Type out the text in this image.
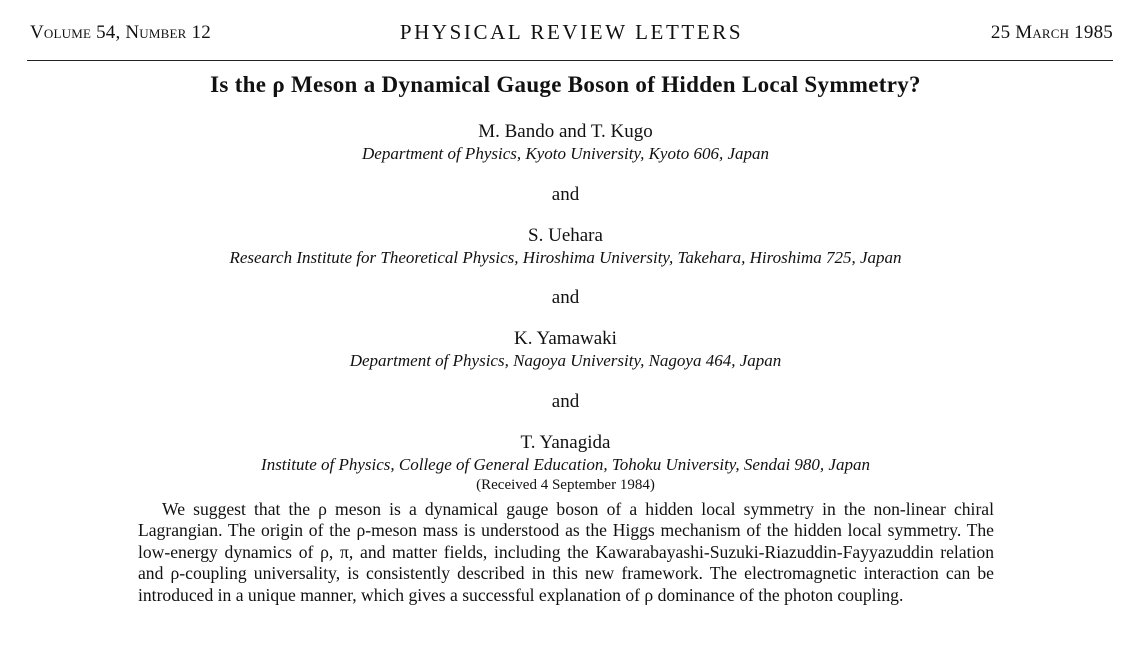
Volume 54, Number 12	PHYSICAL REVIEW LETTERS	25 March 1985
Is the ρ Meson a Dynamical Gauge Boson of Hidden Local Symmetry?
M. Bando and T. Kugo
Department of Physics, Kyoto University, Kyoto 606, Japan
and
S. Uehara
Research Institute for Theoretical Physics, Hiroshima University, Takehara, Hiroshima 725, Japan
and
K. Yamawaki
Department of Physics, Nagoya University, Nagoya 464, Japan
and
T. Yanagida
Institute of Physics, College of General Education, Tohoku University, Sendai 980, Japan
(Received 4 September 1984)
We suggest that the ρ meson is a dynamical gauge boson of a hidden local symmetry in the non-linear chiral Lagrangian. The origin of the ρ-meson mass is understood as the Higgs mechanism of the hidden local symmetry. The low-energy dynamics of ρ, π, and matter fields, including the Kawarabayashi-Suzuki-Riazuddin-Fayyazuddin relation and ρ-coupling universality, is consistently described in this new framework. The electromagnetic interaction can be introduced in a unique manner, which gives a successful explanation of ρ dominance of the photon coupling.
